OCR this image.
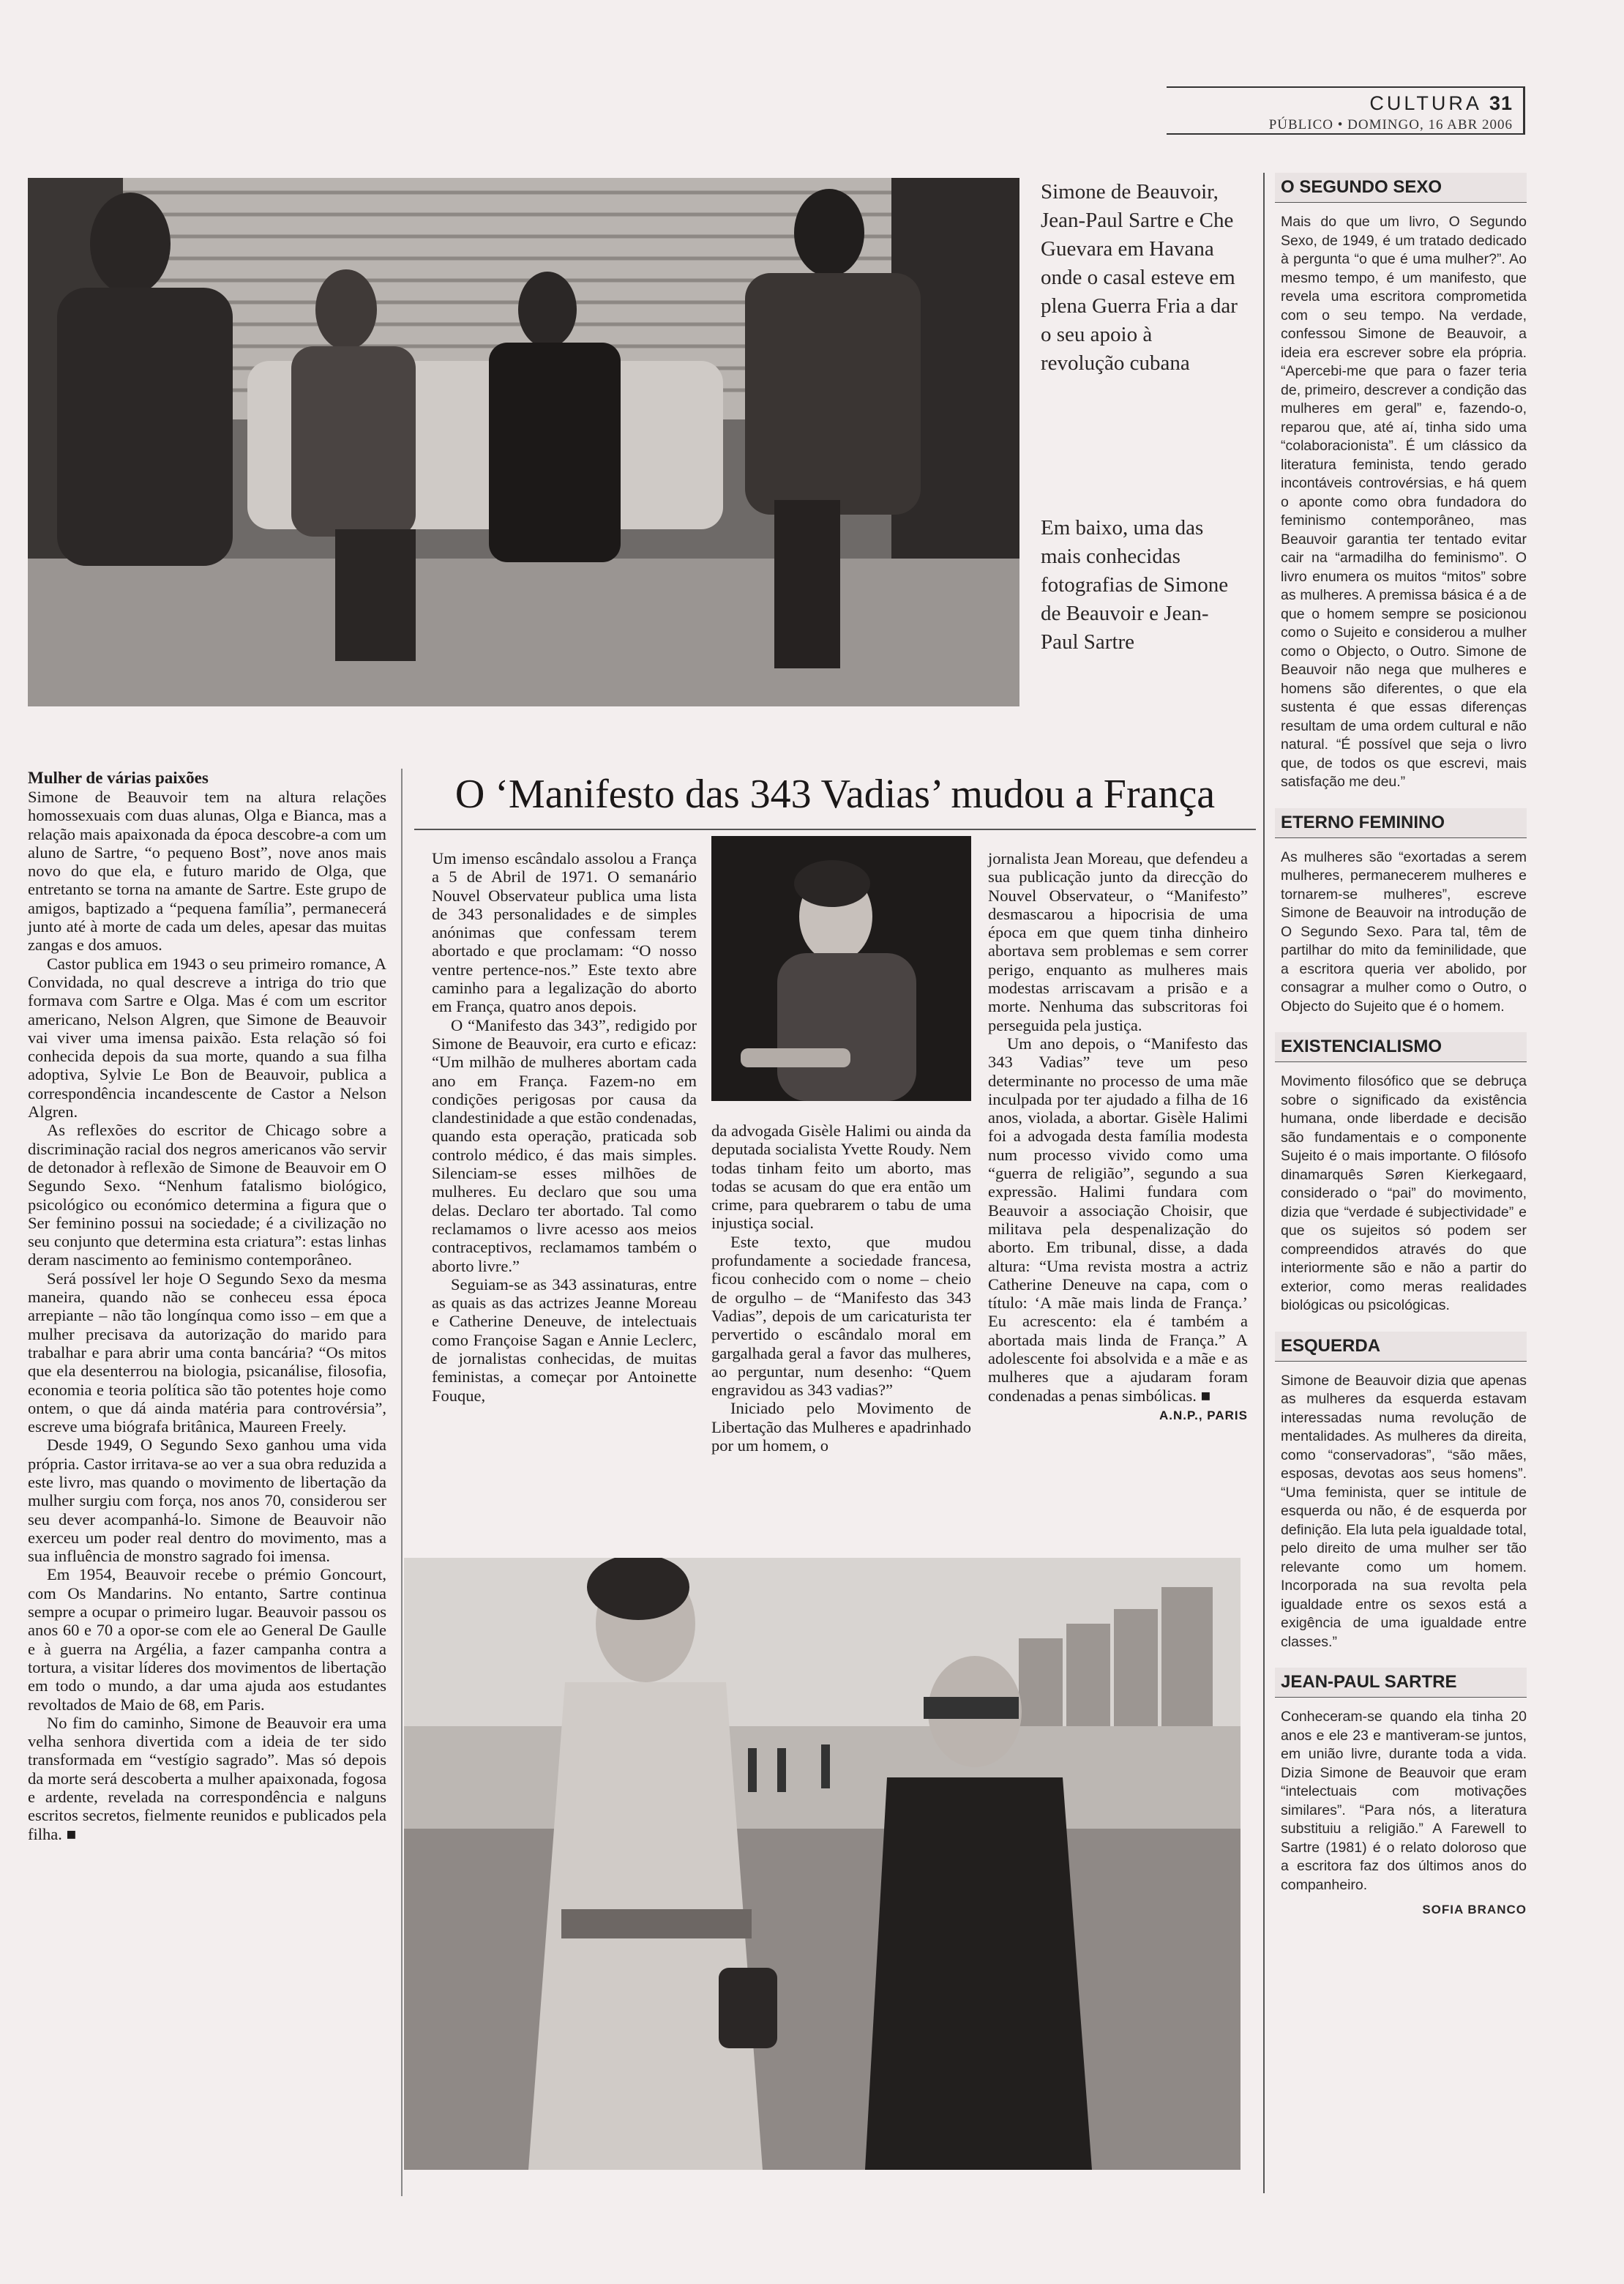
CULTURA 31
PÚBLICO • DOMINGO, 16 ABR 2006
Simone de Beauvoir, Jean-Paul Sartre e Che Guevara em Havana onde o casal esteve em plena Guerra Fria a dar o seu apoio à revolução cubana
Em baixo, uma das mais conhecidas fotografias de Simone de Beauvoir e Jean-Paul Sartre
O ‘Manifesto das 343 Vadias’ mudou a França

Mulher de várias paixões

Simone de Beauvoir tem na altura relações homossexuais com duas alunas, Olga e Bianca, mas a relação mais apaixonada da época descobre-a com um aluno de Sartre, “o pequeno Bost”, nove anos mais novo do que ela, e futuro marido de Olga, que entretanto se torna na amante de Sartre. Este grupo de amigos, baptizado a “pequena família”, permanecerá junto até à morte de cada um deles, apesar das muitas zangas e dos amuos.

Castor publica em 1943 o seu primeiro romance, A Convidada, no qual descreve a intriga do trio que formava com Sartre e Olga. Mas é com um escritor americano, Nelson Algren, que Simone de Beauvoir vai viver uma imensa paixão. Esta relação só foi conhecida depois da sua morte, quando a sua filha adoptiva, Sylvie Le Bon de Beauvoir, publica a correspondência incandescente de Castor a Nelson Algren.

As reflexões do escritor de Chicago sobre a discriminação racial dos negros americanos vão servir de detonador à reflexão de Simone de Beauvoir em O Segundo Sexo. “Nenhum fatalismo biológico, psicológico ou económico determina a figura que o Ser feminino possui na sociedade; é a civilização no seu conjunto que determina esta criatura”: estas linhas deram nascimento ao feminismo contemporâneo.

Será possível ler hoje O Segundo Sexo da mesma maneira, quando não se conheceu essa época arrepiante – não tão longínqua como isso – em que a mulher precisava da autorização do marido para trabalhar e para abrir uma conta bancária? “Os mitos que ela desenterrou na biologia, psicanálise, filosofia, economia e teoria política são tão potentes hoje como ontem, o que dá ainda matéria para controvérsia”, escreve uma biógrafa britânica, Maureen Freely.

Desde 1949, O Segundo Sexo ganhou uma vida própria. Castor irritava-se ao ver a sua obra reduzida a este livro, mas quando o movimento de libertação da mulher surgiu com força, nos anos 70, considerou ser seu dever acompanhá-lo. Simone de Beauvoir não exerceu um poder real dentro do movimento, mas a sua influência de monstro sagrado foi imensa.

Em 1954, Beauvoir recebe o prémio Goncourt, com Os Mandarins. No entanto, Sartre continua sempre a ocupar o primeiro lugar. Beauvoir passou os anos 60 e 70 a opor-se com ele ao General De Gaulle e à guerra na Argélia, a fazer campanha contra a tortura, a visitar líderes dos movimentos de libertação em todo o mundo, a dar uma ajuda aos estudantes revoltados de Maio de 68, em Paris.

No fim do caminho, Simone de Beauvoir era uma velha senhora divertida com a ideia de ter sido transformada em “vestígio sagrado”. Mas só depois da morte será descoberta a mulher apaixonada, fogosa e ardente, revelada na correspondência e nalguns escritos secretos, fielmente reunidos e publicados pela filha. ■

Um imenso escândalo assolou a França a 5 de Abril de 1971. O semanário Nouvel Observateur publica uma lista de 343 personalidades e de simples anónimas que confessam terem abortado e que proclamam: “O nosso ventre pertence-nos.” Este texto abre caminho para a legalização do aborto em França, quatro anos depois.

O “Manifesto das 343”, redigido por Simone de Beauvoir, era curto e eficaz: “Um milhão de mulheres abortam cada ano em França. Fazem-no em condições perigosas por causa da clandestinidade a que estão condenadas, quando esta operação, praticada sob controlo médico, é das mais simples. Silenciam-se esses milhões de mulheres. Eu declaro que sou uma delas. Declaro ter abortado. Tal como reclamamos o livre acesso aos meios contraceptivos, reclamamos também o aborto livre.”

Seguiam-se as 343 assinaturas, entre as quais as das actrizes Jeanne Moreau e Catherine Deneuve, de intelectuais como Françoise Sagan e Annie Leclerc, de jornalistas conhecidas, de muitas feministas, a começar por Antoinette Fouque,

da advogada Gisèle Halimi ou ainda da deputada socialista Yvette Roudy. Nem todas tinham feito um aborto, mas todas se acusam do que era então um crime, para quebrarem o tabu de uma injustiça social.

Este texto, que mudou profundamente a sociedade francesa, ficou conhecido com o nome – cheio de orgulho – de “Manifesto das 343 Vadias”, depois de um caricaturista ter pervertido o escândalo moral em gargalhada geral a favor das mulheres, ao perguntar, num desenho: “Quem engravidou as 343 vadias?”

Iniciado pelo Movimento de Libertação das Mulheres e apadrinhado por um homem, o

jornalista Jean Moreau, que defendeu a sua publicação junto da direcção do Nouvel Observateur, o “Manifesto” desmascarou a hipocrisia de uma época em que quem tinha dinheiro abortava sem problemas e sem correr perigo, enquanto as mulheres mais modestas arriscavam a prisão e a morte. Nenhuma das subscritoras foi perseguida pela justiça.

Um ano depois, o “Manifesto das 343 Vadias” teve um peso determinante no processo de uma mãe inculpada por ter ajudado a filha de 16 anos, violada, a abortar. Gisèle Halimi foi a advogada desta família modesta num processo vivido como uma “guerra de religião”, segundo a sua expressão. Halimi fundara com Beauvoir a associação Choisir, que militava pela despenalização do aborto. Em tribunal, disse, a dada altura: “Uma revista mostra a actriz Catherine Deneuve na capa, com o título: ‘A mãe mais linda de França.’ Eu acrescento: ela é também a abortada mais linda de França.” A adolescente foi absolvida e a mãe e as mulheres que a ajudaram foram condenadas a penas simbólicas. ■

A.N.P., PARIS

O SEGUNDO SEXO

Mais do que um livro, O Segundo Sexo, de 1949, é um tratado dedicado à pergunta “o que é uma mulher?”. Ao mesmo tempo, é um manifesto, que revela uma escritora comprometida com o seu tempo. Na verdade, confessou Simone de Beauvoir, a ideia era escrever sobre ela própria. “Apercebi-me que para o fazer teria de, primeiro, descrever a condição das mulheres em geral” e, fazendo-o, reparou que, até aí, tinha sido uma “colaboracionista”. É um clássico da literatura feminista, tendo gerado incontáveis controvérsias, e há quem o aponte como obra fundadora do feminismo contemporâneo, mas Beauvoir garantia ter tentado evitar cair na “armadilha do feminismo”. O livro enumera os muitos “mitos” sobre as mulheres. A premissa básica é a de que o homem sempre se posicionou como o Sujeito e considerou a mulher como o Objecto, o Outro. Simone de Beauvoir não nega que mulheres e homens são diferentes, o que ela sustenta é que essas diferenças resultam de uma ordem cultural e não natural. “É possível que seja o livro que, de todos os que escrevi, mais satisfação me deu.”

ETERNO FEMININO

As mulheres são “exortadas a serem mulheres, permanecerem mulheres e tornarem-se mulheres”, escreve Simone de Beauvoir na introdução de O Segundo Sexo. Para tal, têm de partilhar do mito da feminilidade, que a escritora queria ver abolido, por consagrar a mulher como o Outro, o Objecto do Sujeito que é o homem.

EXISTENCIALISMO

Movimento filosófico que se debruça sobre o significado da existência humana, onde liberdade e decisão são fundamentais e o componente Sujeito é o mais importante. O filósofo dinamarquês Søren Kierkegaard, considerado o “pai” do movimento, dizia que “verdade é subjectividade” e que os sujeitos só podem ser compreendidos através do que interiormente são e não a partir do exterior, como meras realidades biológicas ou psicológicas.

ESQUERDA

Simone de Beauvoir dizia que apenas as mulheres da esquerda estavam interessadas numa revolução de mentalidades. As mulheres da direita, como “conservadoras”, “são mães, esposas, devotas aos seus homens”. “Uma feminista, quer se intitule de esquerda ou não, é de esquerda por definição. Ela luta pela igualdade total, pelo direito de uma mulher ser tão relevante como um homem. Incorporada na sua revolta pela igualdade entre os sexos está a exigência de uma igualdade entre classes.”

JEAN-PAUL SARTRE

Conheceram-se quando ela tinha 20 anos e ele 23 e mantiveram-se juntos, em união livre, durante toda a vida. Dizia Simone de Beauvoir que eram “intelectuais com motivações similares”. “Para nós, a literatura substituiu a religião.” A Farewell to Sartre (1981) é o relato doloroso que a escritora faz dos últimos anos do companheiro.

SOFIA BRANCO
